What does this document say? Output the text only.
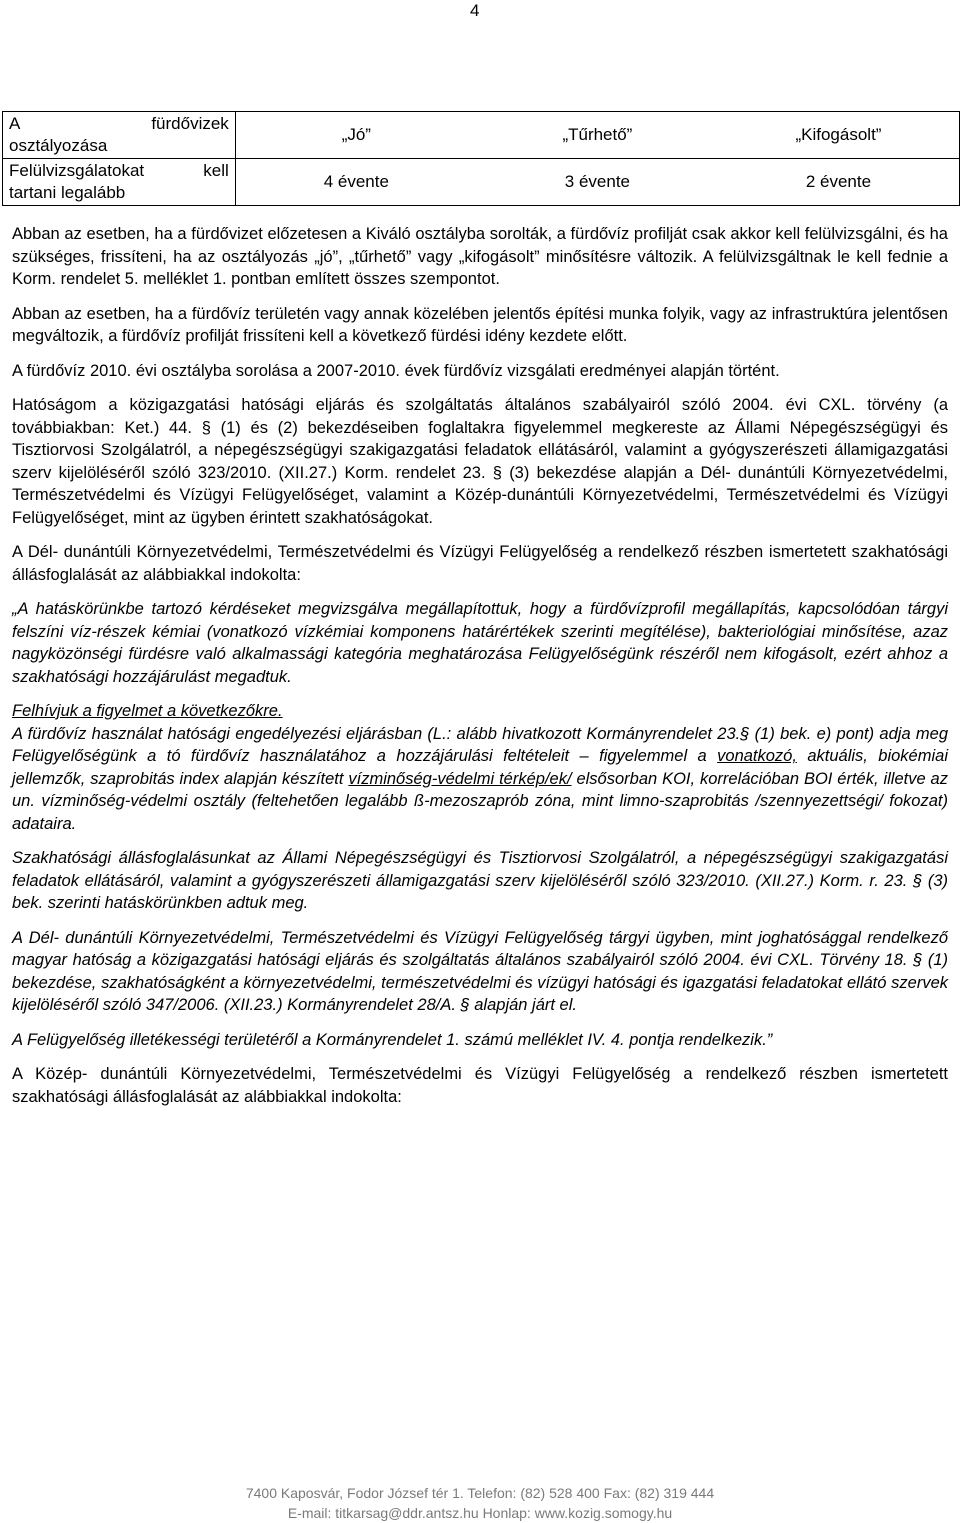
4
A fürdővizek
osztályozása	„Jó” „Tűrhető” „Kifogásolt”

Felülvizsgálatokat kell
tartani legalább	4 évente 3 évente 2 évente

Abban az esetben, ha a fürdővizet előzetesen a Kiváló osztályba sorolták, a fürdővíz profilját csak akkor kell felülvizsgálni, és ha szükséges, frissíteni, ha az osztályozás „jó”, „tűrhető” vagy „kifogásolt” minősítésre változik. A felülvizsgáltnak le kell fednie a Korm. rendelet 5. melléklet 1. pontban említett összes szempontot.

Abban az esetben, ha a fürdővíz területén vagy annak közelében jelentős építési munka folyik, vagy az infrastruktúra jelentősen megváltozik, a fürdővíz profilját frissíteni kell a következő fürdési idény kezdete előtt.

A fürdővíz 2010. évi osztályba sorolása a 2007-2010. évek fürdővíz vizsgálati eredményei alapján történt.

Hatóságom a közigazgatási hatósági eljárás és szolgáltatás általános szabályairól szóló 2004. évi CXL. törvény (a továbbiakban: Ket.) 44. § (1) és (2) bekezdéseiben foglaltakra figyelemmel megkereste az Állami Népegészségügyi és Tisztiorvosi Szolgálatról, a népegészségügyi szakigazgatási feladatok ellátásáról, valamint a gyógyszerészeti államigazgatási szerv kijelöléséről szóló 323/2010. (XII.27.) Korm. rendelet 23. § (3) bekezdése alapján a Dél- dunántúli Környezetvédelmi, Természetvédelmi és Vízügyi Felügyelőséget, valamint a Közép-dunántúli Környezetvédelmi, Természetvédelmi és Vízügyi Felügyelőséget, mint az ügyben érintett szakhatóságokat.

A Dél- dunántúli Környezetvédelmi, Természetvédelmi és Vízügyi Felügyelőség a rendelkező részben ismertetett szakhatósági állásfoglalását az alábbiakkal indokolta:

„A hatáskörünkbe tartozó kérdéseket megvizsgálva megállapítottuk, hogy a fürdővízprofil megállapítás, kapcsolódóan tárgyi felszíni víz-részek kémiai (vonatkozó vízkémiai komponens határértékek szerinti megítélése), bakteriológiai minősítése, azaz nagyközönségi fürdésre való alkalmassági kategória meghatározása Felügyelőségünk részéről nem kifogásolt, ezért ahhoz a szakhatósági hozzájárulást megadtuk.

Felhívjuk a figyelmet a következőkre.
A fürdővíz használat hatósági engedélyezési eljárásban (L.: alább hivatkozott Kormányrendelet 23.§ (1) bek. e) pont) adja meg Felügyelőségünk a tó fürdővíz használatához a hozzájárulási feltételeit – figyelemmel a vonatkozó, aktuális, biokémiai jellemzők, szaprobitás index alapján készített vízminőség-védelmi térkép/ek/ elsősorban KOI, korrelációban BOI érték, illetve az un. vízminőség-védelmi osztály (feltehetően legalább ß-mezoszaprób zóna, mint limno-szaprobitás /szennyezettségi/ fokozat) adataira.

Szakhatósági állásfoglalásunkat az Állami Népegészségügyi és Tisztiorvosi Szolgálatról, a népegészségügyi szakigazgatási feladatok ellátásáról, valamint a gyógyszerészeti államigazgatási szerv kijelöléséről szóló 323/2010. (XII.27.) Korm. r. 23. § (3) bek. szerinti hatáskörünkben adtuk meg.

A Dél- dunántúli Környezetvédelmi, Természetvédelmi és Vízügyi Felügyelőség tárgyi ügyben, mint joghatósággal rendelkező magyar hatóság a közigazgatási hatósági eljárás és szolgáltatás általános szabályairól szóló 2004. évi CXL. Törvény 18. § (1) bekezdése, szakhatóságként a környezetvédelmi, természetvédelmi és vízügyi hatósági és igazgatási feladatokat ellátó szervek kijelöléséről szóló 347/2006. (XII.23.) Kormányrendelet 28/A. § alapján járt el.

A Felügyelőség illetékességi területéről a Kormányrendelet 1. számú melléklet IV. 4. pontja rendelkezik.”

A Közép- dunántúli Környezetvédelmi, Természetvédelmi és Vízügyi Felügyelőség a rendelkező részben ismertetett szakhatósági állásfoglalását az alábbiakkal indokolta:

7400 Kaposvár, Fodor József tér 1. Telefon: (82) 528 400 Fax: (82) 319 444
E-mail: titkarsag@ddr.antsz.hu Honlap: www.kozig.somogy.hu
